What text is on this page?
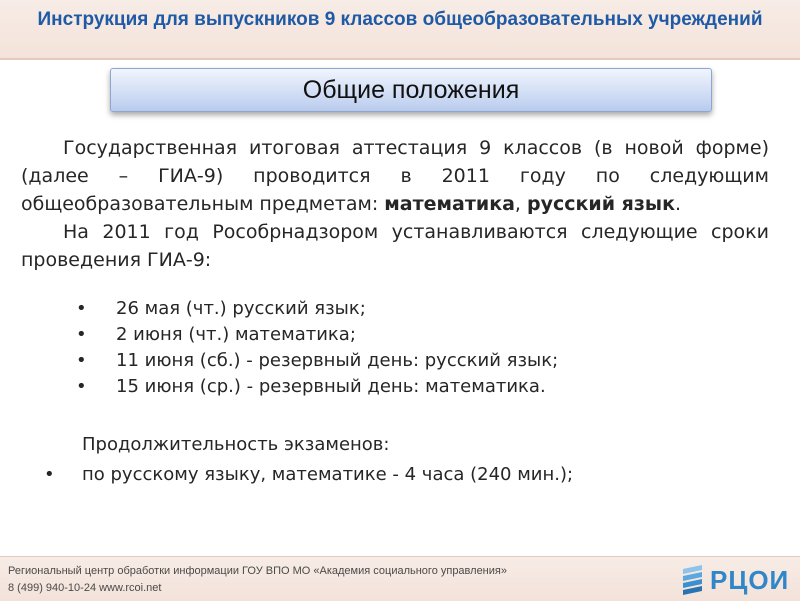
Инструкция для выпускников 9 классов общеобразовательных учреждений
Общие положения

Государственная итоговая аттестация 9 классов (в новой форме) (далее – ГИА-9) проводится в 2011 году по следующим общеобразовательным предметам: математика, русский язык.

На 2011 год Рособрнадзором устанавливаются следующие сроки проведения ГИА-9:

• 26 мая (чт.) русский язык;
• 2 июня (чт.) математика;
• 11 июня (сб.) - резервный день: русский язык;
• 15 июня (ср.) - резервный день: математика.
Продолжительность экзаменов:
• по русскому языку, математике - 4 часа (240 мин.);
Региональный центр обработки информации ГОУ ВПО МО «Академия социального управления»
8 (499) 940-10-24 www.rcoi.net	РЦОИ
